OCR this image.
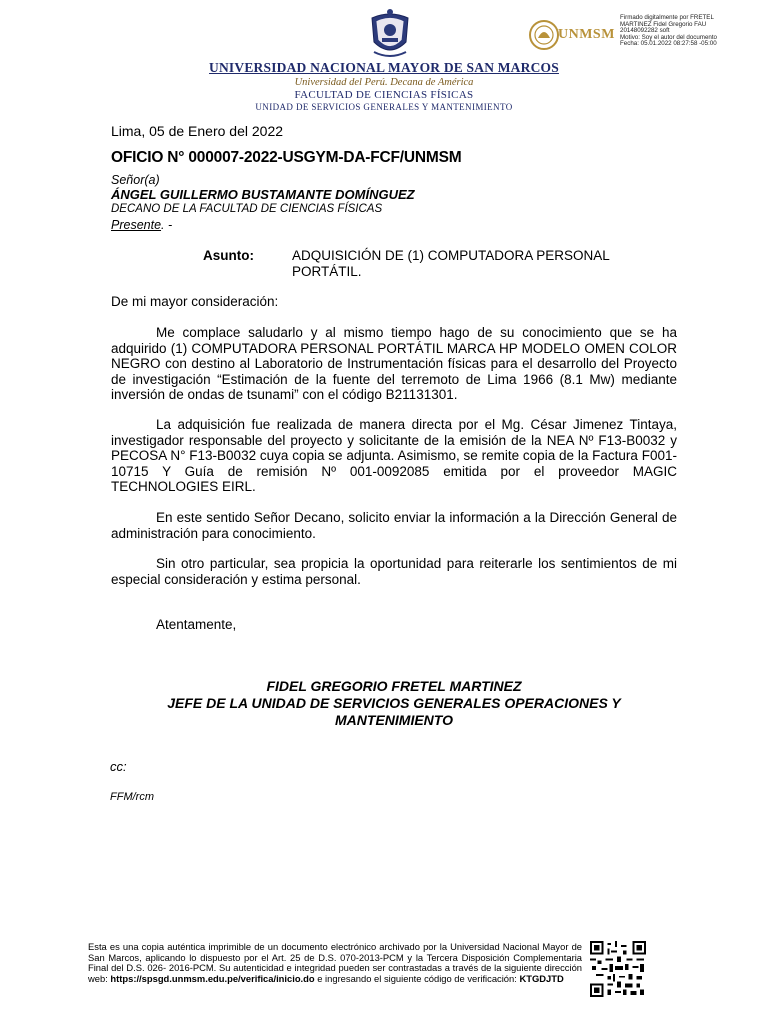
UNMSM
Firmado digitalmente por FRETEL
MARTINEZ Fidel Gregorio FAU
20148092282 soft
Motivo: Soy el autor del documento
Fecha: 05.01.2022 08:27:58 -05:00
UNIVERSIDAD NACIONAL MAYOR DE SAN MARCOS
Universidad del Perú. Decana de América
FACULTAD DE CIENCIAS FÍSICAS
UNIDAD DE SERVICIOS GENERALES Y MANTENIMIENTO
Lima, 05 de Enero del 2022
OFICIO N° 000007-2022-USGYM-DA-FCF/UNMSM
Señor(a)
ÁNGEL GUILLERMO BUSTAMANTE DOMÍNGUEZ
DECANO DE LA FACULTAD DE CIENCIAS FÍSICAS
Presente. -
Asunto:	ADQUISICIÓN DE (1) COMPUTADORA PERSONAL PORTÁTIL.
De mi mayor consideración:
Me complace saludarlo y al mismo tiempo hago de su conocimiento que se ha adquirido (1) COMPUTADORA PERSONAL PORTÁTIL MARCA HP MODELO OMEN COLOR NEGRO con destino al Laboratorio de Instrumentación físicas para el desarrollo del Proyecto de investigación “Estimación de la fuente del terremoto de Lima 1966 (8.1 Mw) mediante inversión de ondas de tsunami” con el código B21131301.
La adquisición fue realizada de manera directa por el Mg. César Jimenez Tintaya, investigador responsable del proyecto y solicitante de la emisión de la NEA Nº F13-B0032 y PECOSA N° F13-B0032 cuya copia se adjunta. Asimismo, se remite copia de la Factura F001-10715 Y Guía de remisión Nº 001-0092085 emitida por el proveedor MAGIC TECHNOLOGIES EIRL.
En este sentido Señor Decano, solicito enviar la información a la Dirección General de administración para conocimiento.
Sin otro particular, sea propicia la oportunidad para reiterarle los sentimientos de mi especial consideración y estima personal.
Atentamente,
FIDEL GREGORIO FRETEL MARTINEZ
JEFE DE LA UNIDAD DE SERVICIOS GENERALES OPERACIONES Y
MANTENIMIENTO
cc:
FFM/rcm
Esta es una copia auténtica imprimible de un documento electrónico archivado por la Universidad Nacional Mayor de San Marcos, aplicando lo dispuesto por el Art. 25 de D.S. 070-2013-PCM y la Tercera Disposición Complementaria Final del D.S. 026- 2016-PCM. Su autenticidad e integridad pueden ser contrastadas a través de la siguiente dirección web: https://spsgd.unmsm.edu.pe/verifica/inicio.do e ingresando el siguiente código de verificación: KTGDJTD
